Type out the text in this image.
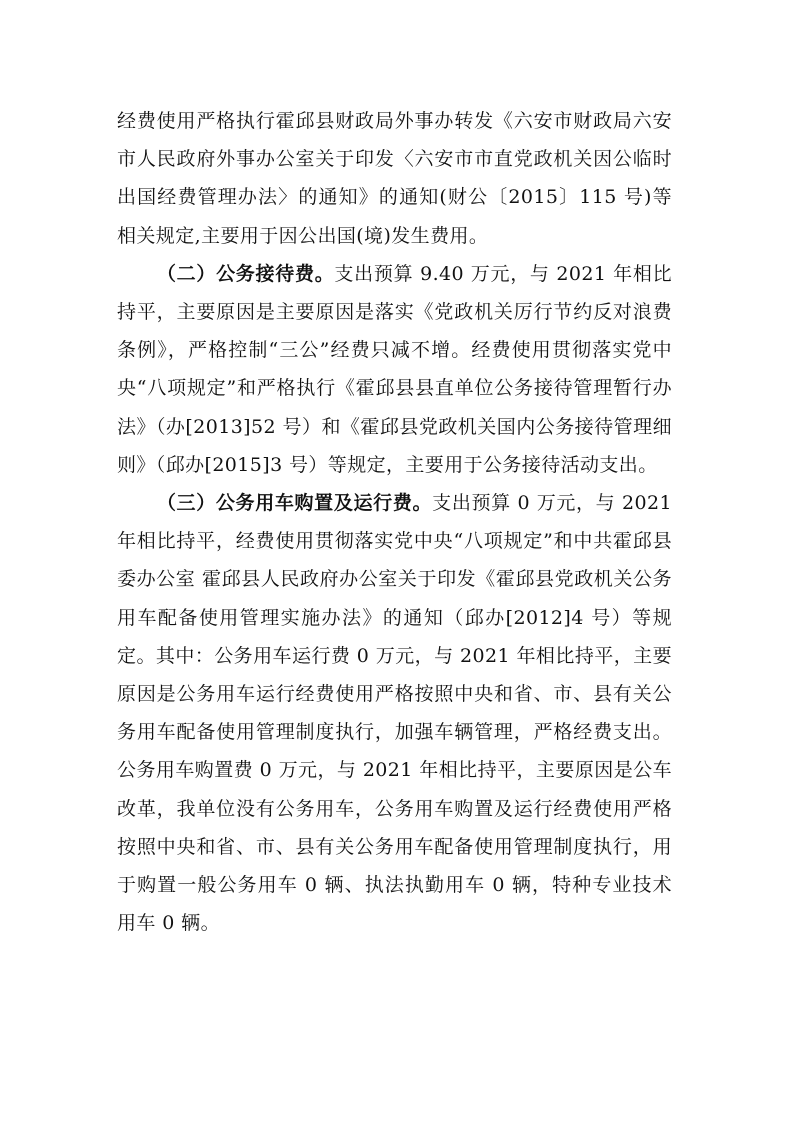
经费使用严格执行霍邱县财政局外事办转发《六安市财政局六安市人民政府外事办公室关于印发〈六安市市直党政机关因公临时出国经费管理办法〉的通知》的通知(财公〔2015〕115 号)等相关规定,主要用于因公出国(境)发生费用。

（二）公务接待费。支出预算 9.40 万元，与 2021 年相比持平，主要原因是主要原因是落实《党政机关厉行节约反对浪费条例》，严格控制“三公”经费只减不增。经费使用贯彻落实党中央“八项规定”和严格执行《霍邱县县直单位公务接待管理暂行办法》（办[2013]52 号）和《霍邱县党政机关国内公务接待管理细则》（邱办[2015]3 号）等规定，主要用于公务接待活动支出。

（三）公务用车购置及运行费。支出预算 0 万元，与 2021 年相比持平，经费使用贯彻落实党中央“八项规定”和中共霍邱县委办公室 霍邱县人民政府办公室关于印发《霍邱县党政机关公务用车配备使用管理实施办法》的通知（邱办[2012]4 号）等规定。其中：公务用车运行费 0 万元，与 2021 年相比持平，主要原因是公务用车运行经费使用严格按照中央和省、市、县有关公务用车配备使用管理制度执行，加强车辆管理，严格经费支出。公务用车购置费 0 万元，与 2021 年相比持平，主要原因是公车改革，我单位没有公务用车，公务用车购置及运行经费使用严格按照中央和省、市、县有关公务用车配备使用管理制度执行，用于购置一般公务用车 0 辆、执法执勤用车 0 辆，特种专业技术用车 0 辆。
